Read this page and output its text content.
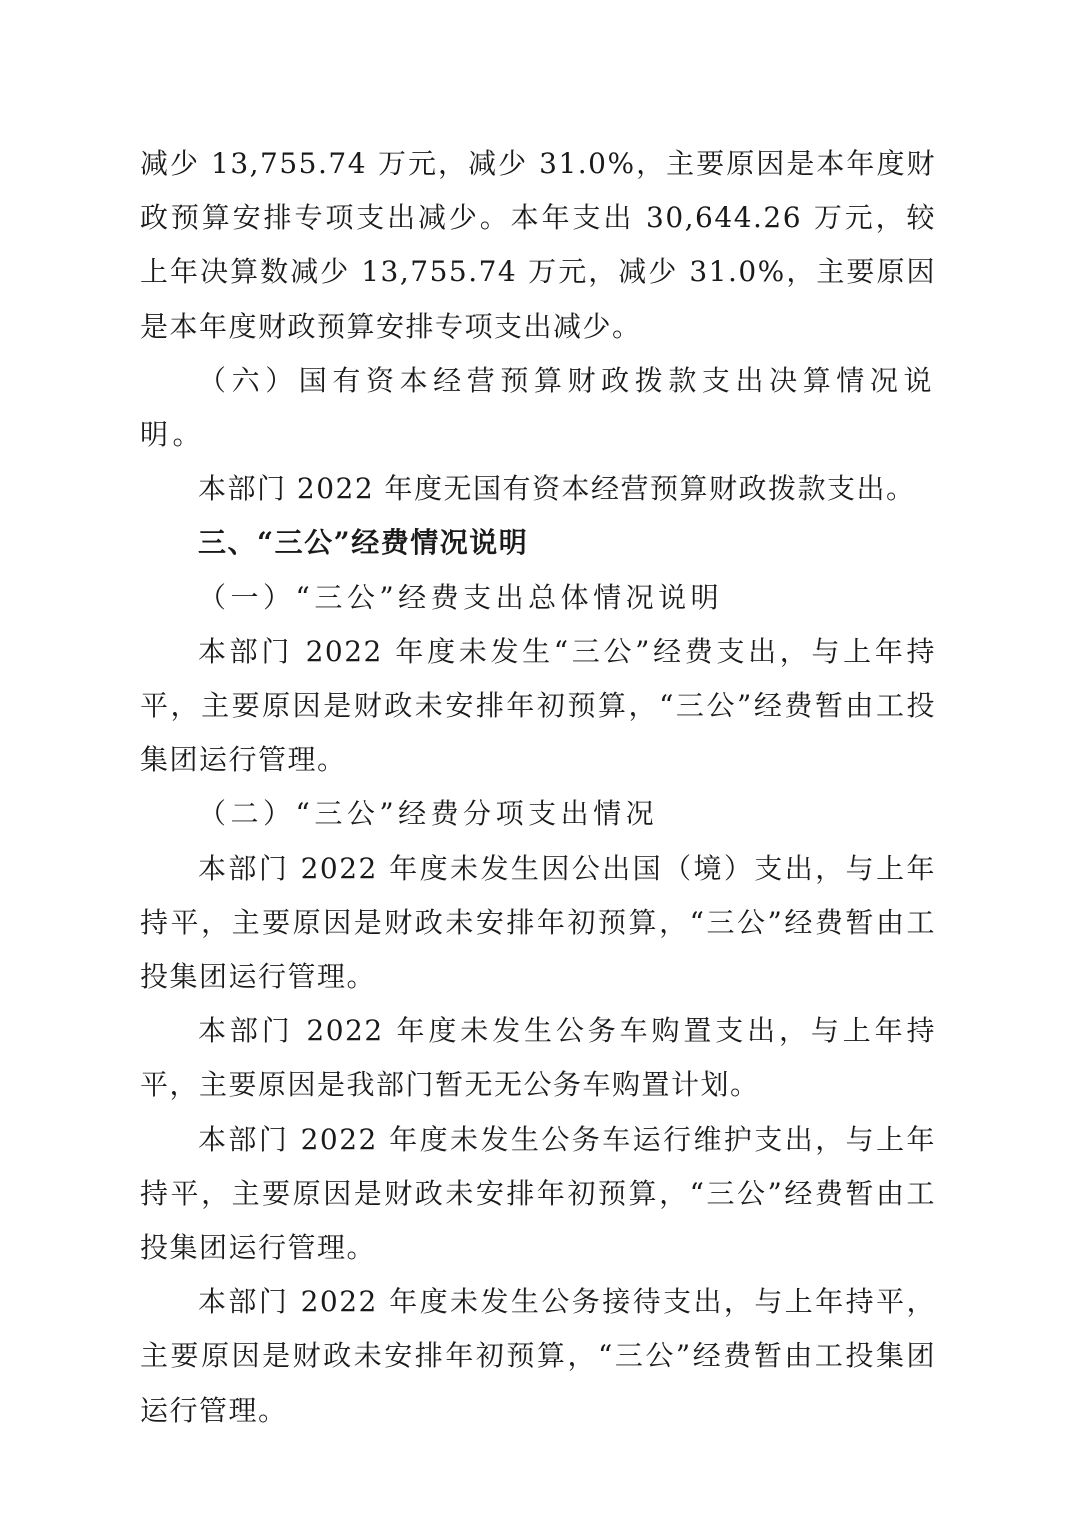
减少 13,755.74 万元，减少 31.0%，主要原因是本年度财政预算安排专项支出减少。本年支出 30,644.26 万元，较上年决算数减少 13,755.74 万元，减少 31.0%，主要原因是本年度财政预算安排专项支出减少。

（六）国有资本经营预算财政拨款支出决算情况说明。

本部门 2022 年度无国有资本经营预算财政拨款支出。

三、“三公”经费情况说明

（一）“三公”经费支出总体情况说明

本部门 2022 年度未发生“三公”经费支出，与上年持平，主要原因是财政未安排年初预算，“三公”经费暂由工投集团运行管理。

（二）“三公”经费分项支出情况

本部门 2022 年度未发生因公出国（境）支出，与上年持平，主要原因是财政未安排年初预算，“三公”经费暂由工投集团运行管理。

本部门 2022 年度未发生公务车购置支出，与上年持平，主要原因是我部门暂无无公务车购置计划。

本部门 2022 年度未发生公务车运行维护支出，与上年持平，主要原因是财政未安排年初预算，“三公”经费暂由工投集团运行管理。

本部门 2022 年度未发生公务接待支出，与上年持平，主要原因是财政未安排年初预算，“三公”经费暂由工投集团运行管理。
